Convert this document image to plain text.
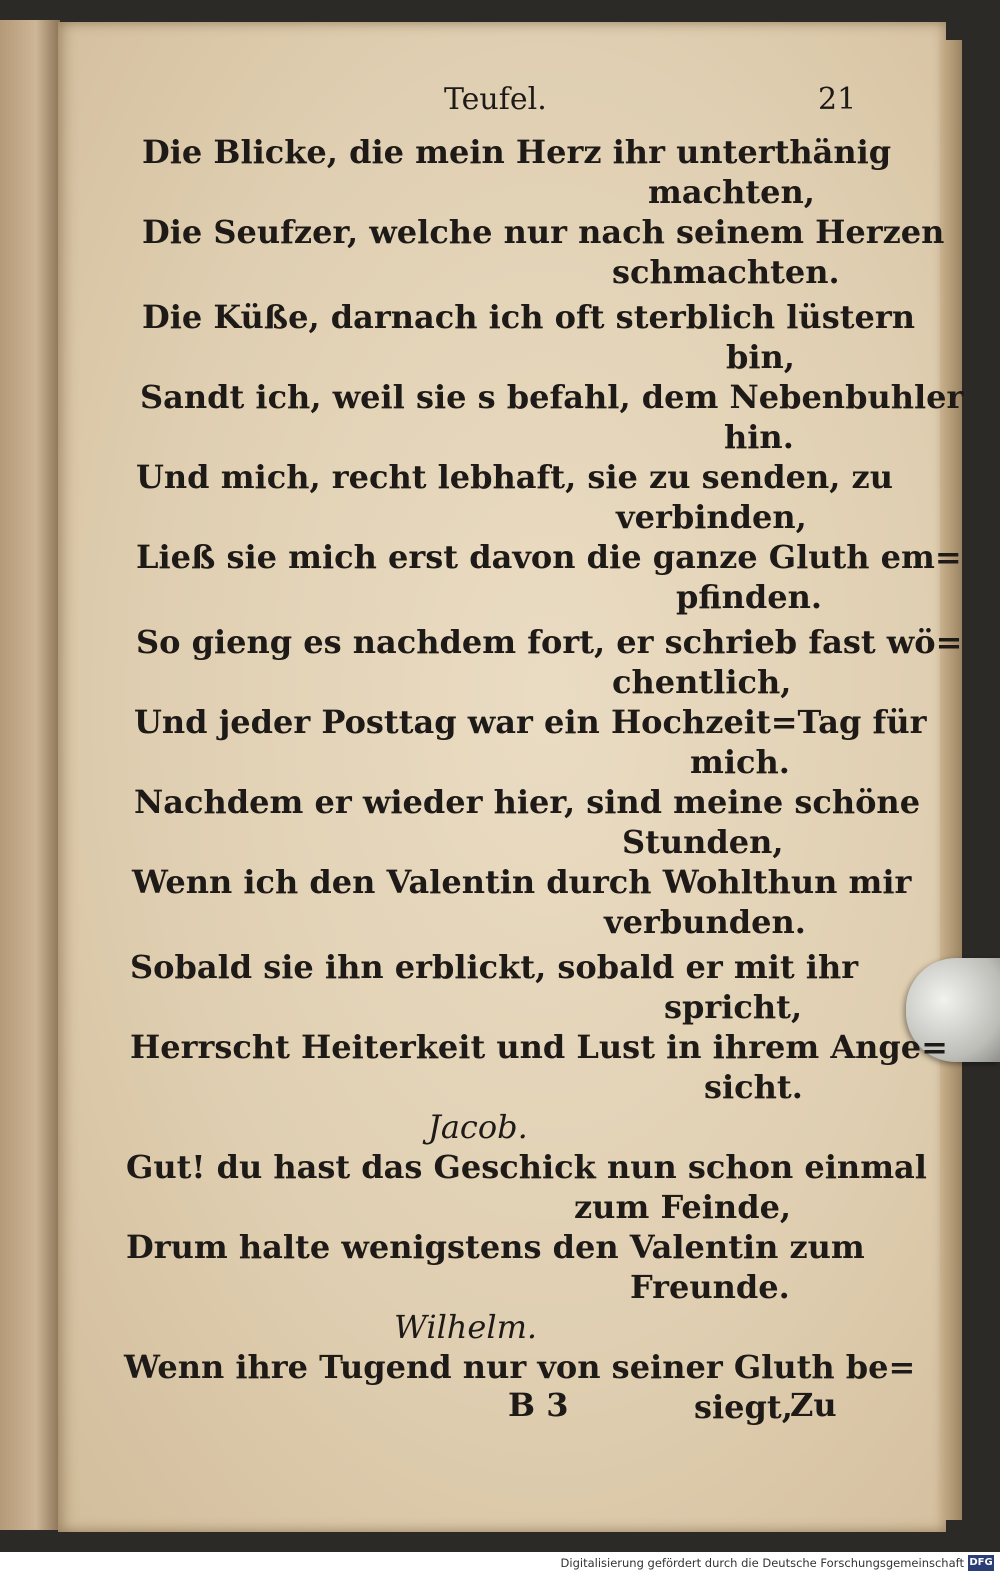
Teufel.	21
Die Blicke, die mein Herz ihr unterthänig
machten,
Die Seufzer, welche nur nach seinem Herzen
schmachten.
Die Küße, darnach ich oft sterblich lüstern
bin,
Sandt ich, weil sie s befahl, dem Nebenbuhler
hin.
Und mich, recht lebhaft, sie zu senden, zu
verbinden,
Ließ sie mich erst davon die ganze Gluth em=
pfinden.
So gieng es nachdem fort, er schrieb fast wö=
chentlich,
Und jeder Posttag war ein Hochzeit=Tag für
mich.
Nachdem er wieder hier, sind meine schöne
Stunden,
Wenn ich den Valentin durch Wohlthun mir
verbunden.
Sobald sie ihn erblickt, sobald er mit ihr
spricht,
Herrscht Heiterkeit und Lust in ihrem Ange=
sicht.
Jacob.
Gut! du hast das Geschick nun schon einmal
zum Feinde,
Drum halte wenigstens den Valentin zum
Freunde.
Wilhelm.
Wenn ihre Tugend nur von seiner Gluth be=
siegt,
B 3	Zu
Digitalisierung gefördert durch die Deutsche Forschungsgemeinschaft DFG
